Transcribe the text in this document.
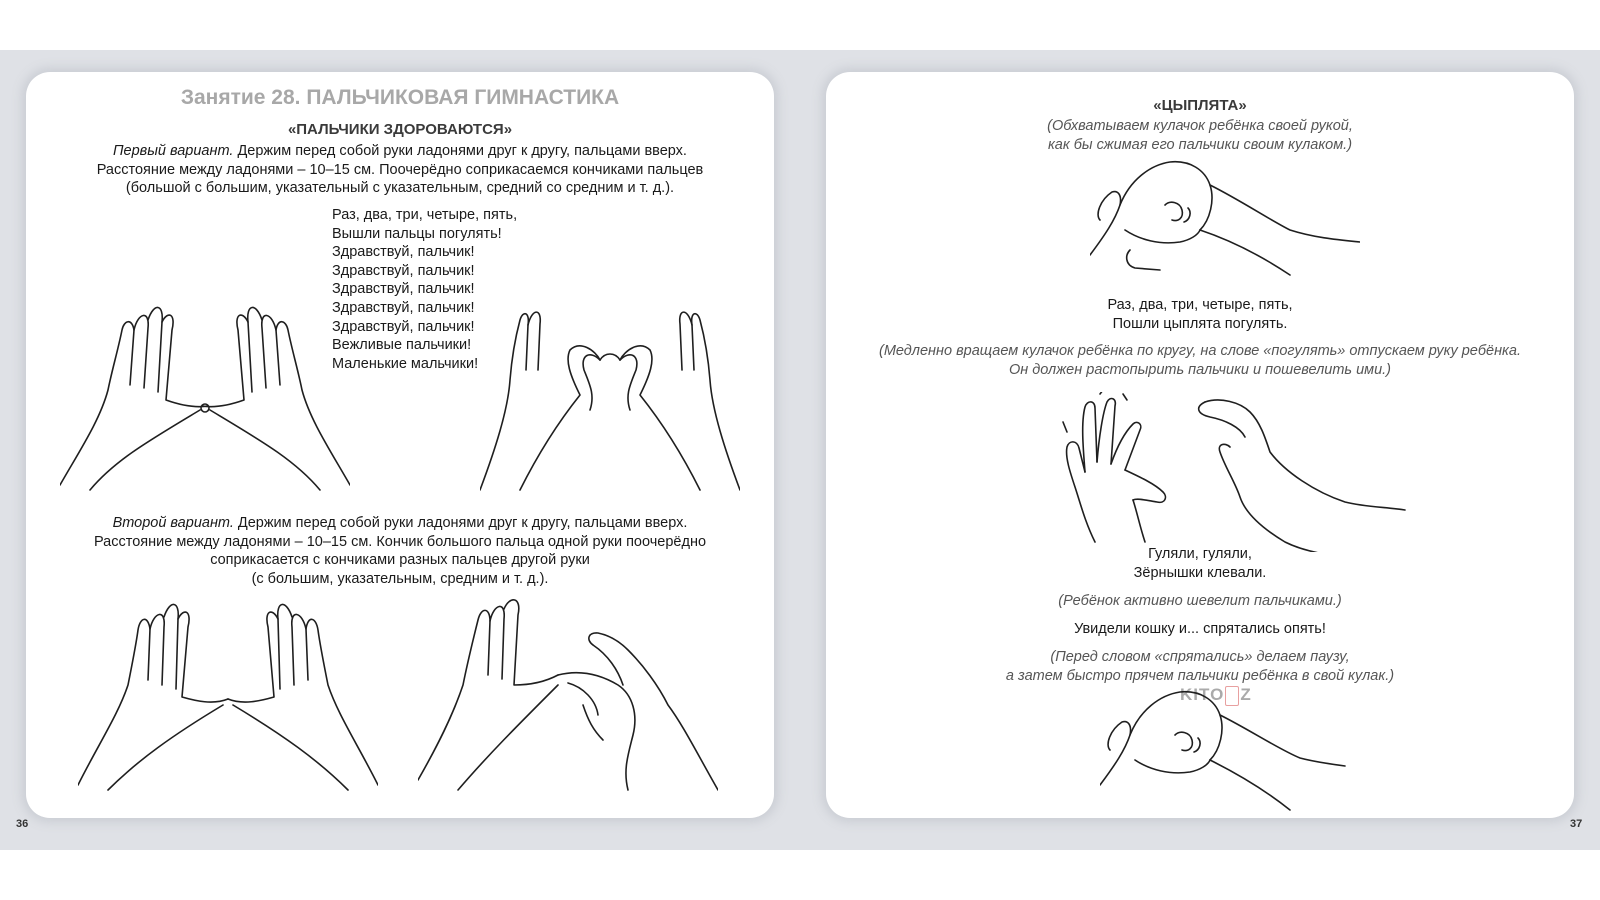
Занятие 28. ПАЛЬЧИКОВАЯ ГИМНАСТИКА

«ПАЛЬЧИКИ ЗДОРОВАЮТСЯ»

Первый вариант. Держим перед собой руки ладонями друг к другу, пальцами вверх.
Расстояние между ладонями – 10–15 см. Поочерёдно соприкасаемся кончиками пальцев
(большой с большим, указательный с указательным, средний со средним и т. д.).
Раз, два, три, четыре, пять,
Вышли пальцы погулять!
Здравствуй, пальчик!
Здравствуй, пальчик!
Здравствуй, пальчик!
Здравствуй, пальчик!
Здравствуй, пальчик!
Вежливые пальчики!
Маленькие мальчики!
Второй вариант. Держим перед собой руки ладонями друг к другу, пальцами вверх.
Расстояние между ладонями – 10–15 см. Кончик большого пальца одной руки поочерёдно
соприкасается с кончиками разных пальцев другой руки
(с большим, указательным, средним и т. д.).

«ЦЫПЛЯТА»

(Обхватываем кулачок ребёнка своей рукой,
как бы сжимая его пальчики своим кулаком.)
Раз, два, три, четыре, пять,
Пошли цыплята погулять.
(Медленно вращаем кулачок ребёнка по кругу, на слове «погулять» отпускаем руку ребёнка.
Он должен растопырить пальчики и пошевелить ими.)
Гуляли, гуляли,
Зёрнышки клевали.

(Ребёнок активно шевелит пальчиками.)

Увидели кошку и... спрятались опять!

(Перед словом «спрятались» делаем паузу,
а затем быстро прячем пальчики ребёнка в свой кулак.)
KITO Z
36	37
